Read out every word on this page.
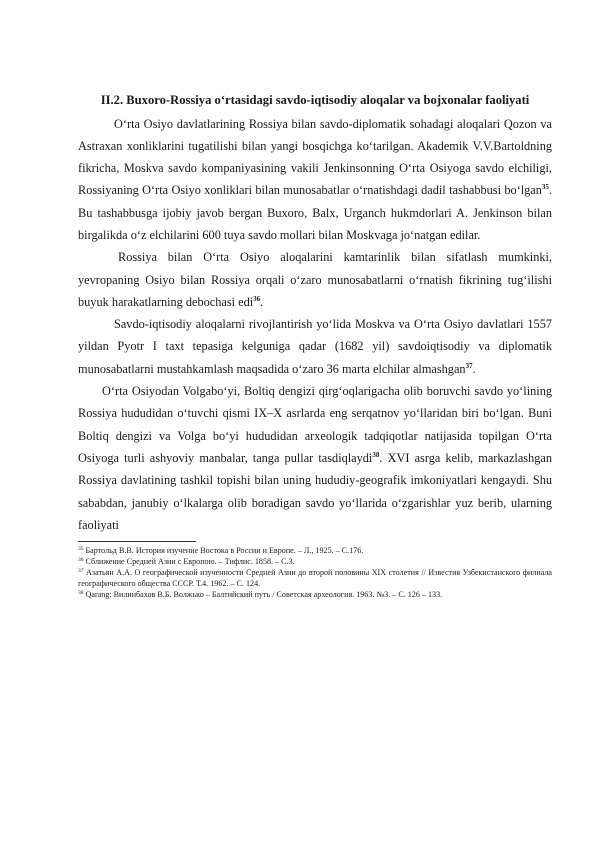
II.2. Buxoro-Rossiya o‘rtasidagi savdo-iqtisodiy aloqalar va bojxonalar faoliyati

O‘rta Osiyo davlatlarining Rossiya bilan savdo-diplomatik sohadagi aloqalari Qozon va Astraxan xonliklarini tugatilishi bilan yangi bosqichga ko‘tarilgan. Akademik V.V.Bartoldning fikricha, Moskva savdo kompaniyasining vakili Jenkinsonning O‘rta Osiyoga savdo elchiligi, Rossiyaning O‘rta Osiyo xonliklari bilan munosabatlar o‘rnatishdagi dadil tashabbusi bo‘lgan$^{35}$. Bu tashabbusga ijobiy javob bergan Buxoro, Balx, Urganch hukmdorlari A. Jenkinson bilan birgalikda o‘z elchilarini 600 tuya savdo mollari bilan Moskvaga jo‘natgan edilar.

Rossiya bilan O‘rta Osiyo aloqalarini kamtarinlik bilan sifatlash mumkinki, yevropaning Osiyo bilan Rossiya orqali o‘zaro munosabatlarni o‘rnatish fikrining tug‘ilishi buyuk harakatlarning debochasi edi$^{36}$.

Savdo-iqtisodiy aloqalarni rivojlantirish yo‘lida Moskva va O‘rta Osiyo davlatlari 1557 yildan Pyotr I taxt tepasiga kelguniga qadar (1682 yil) savdoiqtisodiy va diplomatik munosabatlarni mustahkamlash maqsadida o‘zaro 36 marta elchilar almashgan$^{37}$.

O‘rta Osiyodan Volgabo‘yi, Boltiq dengizi qirg‘oqlarigacha olib boruvchi savdo yo‘lining Rossiya hududidan o‘tuvchi qismi IX–X asrlarda eng serqatnov yo‘llaridan biri bo‘lgan. Buni Boltiq dengizi va Volga bo‘yi hududidan arxeologik tadqiqotlar natijasida topilgan O‘rta Osiyoga turli ashyoviy manbalar, tanga pullar tasdiqlaydi$^{38}$. XVI asrga kelib, markazlashgan Rossiya davlatining tashkil topishi bilan uning hududiy-geografik imkoniyatlari kengaydi. Shu sababdan, janubiy o‘lkalarga olib boradigan savdo yo‘llarida o‘zgarishlar yuz berib, ularning faoliyati

$^{35}$ Бартольд В.В. История изучение Востока в России и Европе. – Л., 1925. – С.176.

$^{36}$ Сближение Средней Азии с Европою. – Тифлис. 1858. – С.3.

$^{37}$ Азатьян А.А. О географической изученности Средней Азии до второй половины XIX столетия // Известия Узбекистанского филиала географического общества СССР. Т.4. 1962. – С. 124.

$^{38}$ Qarang: Вилинбахов В.Б. Волжько – Балтийский путь / Советская археология. 1963. №3. – С. 126 – 133.
